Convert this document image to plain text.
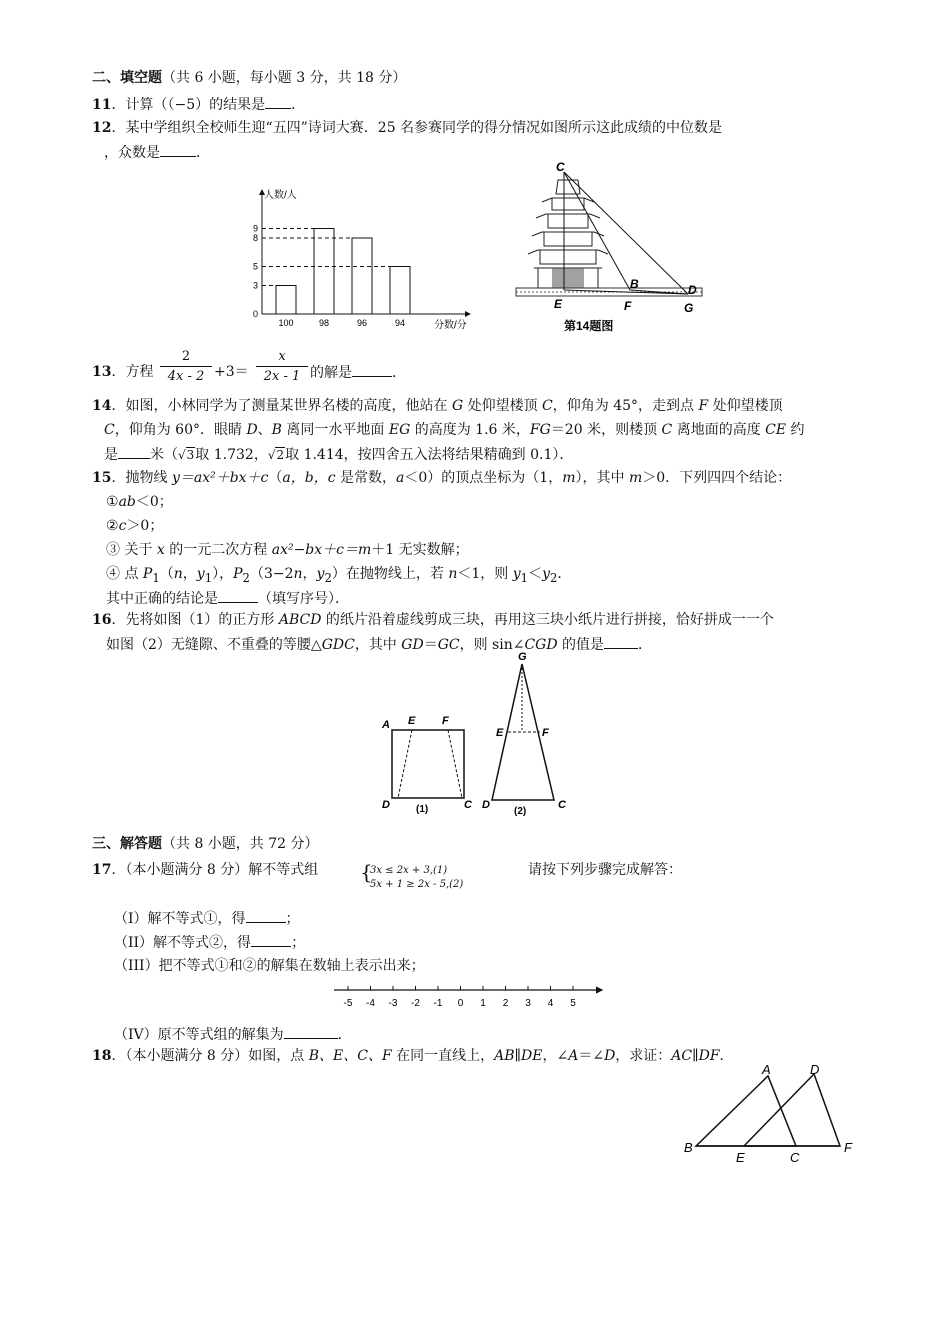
二、填空题（共 6 小题，每小题 3 分，共 18 分）
11．计算（（−5）的结果是 ．
12．某中学组织全校师生迎“五四”诗词大赛．25 名参赛同学的得分情况如图所示这此成绩的中位数是
，众数是	．
人数/人
分数/分
100	98	96	94
9
8
5
3
0
C
E
B
F
D
G
第14题图
13．方程
2
4x - 2 +3＝
x
2x - 1 的解是	．
14．如图，小林同学为了测量某世界名楼的高度，他站在 G 处仰望楼顶 C，仰角为 45°，走到点 F 处仰望楼顶
C，仰角为 60°．眼睛 D、B 离同一水平地面 EG 的高度为 1.6 米，FG＝20 米，则楼顶 C 离地面的高度 CE 约
是 米（√3取 1.732，√2取 1.414，按四舍五入法将结果精确到 0.1）．
15．抛物线 y＝ax²＋bx＋c（a，b，c 是常数，a＜0）的顶点坐标为（1，m），其中 m＞0．下列四四个结论：
①ab＜0；
②c＞0；
③ 关于 x 的一元二次方程 ax²−bx＋c＝m＋1 无实数解；
④ 点 $P_1(n$，$y_1$），$P_2(3-2n$，$y_2$）在抛物线上，若 n＜1，则 $y_1<y_2$．
其中正确的结论是	（填写序号）．
16．先将如图（1）的正方形 ABCD 的纸片沿着虚线剪成三块，再用这三块小纸片进行拼接，恰好拼成一一个
如图（2）无缝隙、不重叠的等腰△GDC，其中 GD＝GC，则 sin∠CGD 的值是 ．
A E F
D	C
(1)
G
E	F
D	C
(2)
三、解答题（共 8 小题，共 72 分）
17．（本小题满分 8 分）解不等式组 {
3x ≤ 2x + 3,(1)
5x + 1 ≥ 2x - 5,(2)
请按下列步骤完成解答：
（I）解不等式①，得	；
（II）解不等式②，得	；
（III）把不等式①和②的解集在数轴上表示出来；
-5 -4 -3 -2 -1 0 1 2 3 4 5
（IV）原不等式组的解集为	．
18．（本小题满分 8 分）如图，点 B、E、C、F 在同一直线上，AB∥DE，∠A＝∠D，求证：AC∥DF．
A	D
B
E	C
F
